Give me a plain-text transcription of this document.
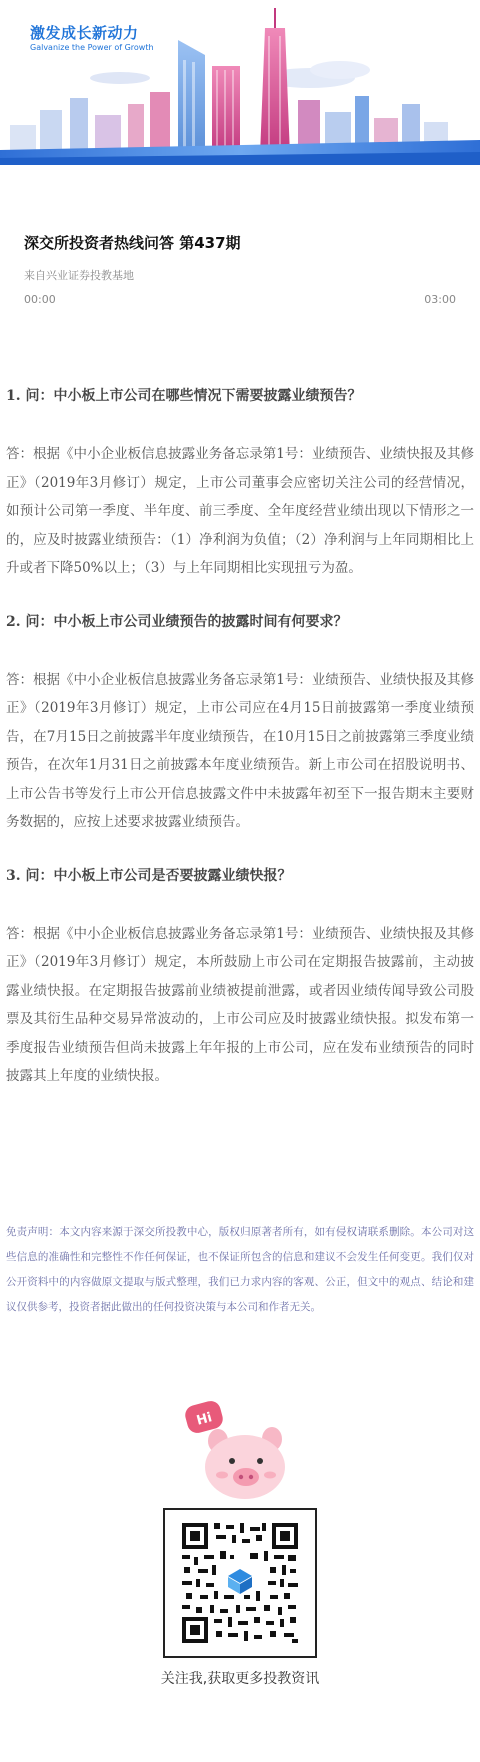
激发成长新动力
Galvanize the Power of Growth
深交所投资者热线问答 第437期
来自兴业证券投教基地
00:00	03:00

1. 问：中小板上市公司在哪些情况下需要披露业绩预告？

答：根据《中小企业板信息披露业务备忘录第1号：业绩预告、业绩快报及其修正》（2019年3月修订）规定，上市公司董事会应密切关注公司的经营情况，如预计公司第一季度、半年度、前三季度、全年度经营业绩出现以下情形之一的，应及时披露业绩预告：（1）净利润为负值；（2）净利润与上年同期相比上升或者下降50%以上；（3）与上年同期相比实现扭亏为盈。

2. 问：中小板上市公司业绩预告的披露时间有何要求？

答：根据《中小企业板信息披露业务备忘录第1号：业绩预告、业绩快报及其修正》（2019年3月修订）规定，上市公司应在4月15日前披露第一季度业绩预告，在7月15日之前披露半年度业绩预告，在10月15日之前披露第三季度业绩预告，在次年1月31日之前披露本年度业绩预告。新上市公司在招股说明书、上市公告书等发行上市公开信息披露文件中未披露年初至下一报告期末主要财务数据的，应按上述要求披露业绩预告。

3. 问：中小板上市公司是否要披露业绩快报？

答：根据《中小企业板信息披露业务备忘录第1号：业绩预告、业绩快报及其修正》（2019年3月修订）规定，本所鼓励上市公司在定期报告披露前，主动披露业绩快报。在定期报告披露前业绩被提前泄露，或者因业绩传闻导致公司股票及其衍生品种交易异常波动的，上市公司应及时披露业绩快报。拟发布第一季度报告业绩预告但尚未披露上年年报的上市公司，应在发布业绩预告的同时披露其上年度的业绩快报。

免责声明：本文内容来源于深交所投教中心，版权归原著者所有，如有侵权请联系删除。本公司对这些信息的准确性和完整性不作任何保证，也不保证所包含的信息和建议不会发生任何变更。我们仅对公开资料中的内容做原文提取与版式整理，我们已力求内容的客观、公正，但文中的观点、结论和建议仅供参考，投资者据此做出的任何投资决策与本公司和作者无关。

Hi
关注我,获取更多投教资讯
